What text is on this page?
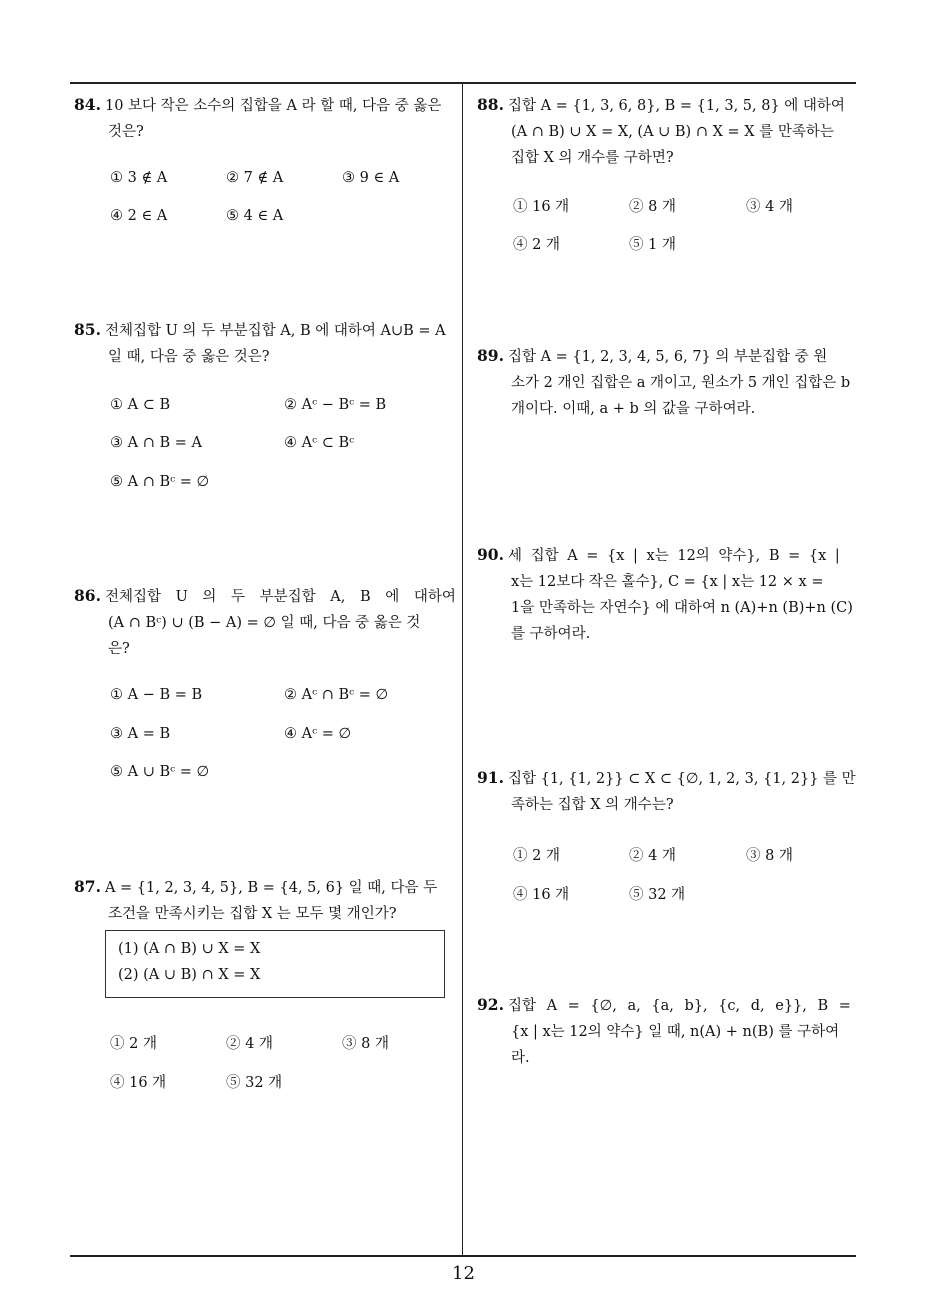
84. 10 보다 작은 소수의 집합을 A 라 할 때, 다음 중 옳은
것은?
① 3 ∉ A	② 7 ∉ A	③ 9 ∈ A
④ 2 ∈ A	⑤ 4 ∈ A
85. 전체집합 U 의 두 부분집합 A, B 에 대하여 A∪B = A
일 때, 다음 중 옳은 것은?
① A ⊂ B	② Aᶜ − Bᶜ = B
③ A ∩ B = A	④ Aᶜ ⊂ Bᶜ
⑤ A ∩ Bᶜ = ∅
86. 전체집합 U 의 두 부분집합 A, B 에 대하여
(A ∩ Bᶜ) ∪ (B − A) = ∅ 일 때, 다음 중 옳은 것
은?
① A − B = B	② Aᶜ ∩ Bᶜ = ∅
③ A = B	④ Aᶜ = ∅
⑤ A ∪ Bᶜ = ∅
87. A = {1, 2, 3, 4, 5}, B = {4, 5, 6} 일 때, 다음 두
조건을 만족시키는 집합 X 는 모두 몇 개인가?
(1) (A ∩ B) ∪ X = X
(2) (A ∪ B) ∩ X = X
① 2 개	② 4 개	③ 8 개
④ 16 개	⑤ 32 개
88. 집합 A = {1, 3, 6, 8}, B = {1, 3, 5, 8} 에 대하여
(A ∩ B) ∪ X = X, (A ∪ B) ∩ X = X 를 만족하는
집합 X 의 개수를 구하면?
① 16 개	② 8 개	③ 4 개
④ 2 개	⑤ 1 개
89. 집합 A = {1, 2, 3, 4, 5, 6, 7} 의 부분집합 중 원
소가 2 개인 집합은 a 개이고, 원소가 5 개인 집합은 b
개이다. 이때, a + b 의 값을 구하여라.
90. 세 집합 A = {x | x는 12의 약수}, B = {x |
x는 12보다 작은 홀수}, C = {x | x는 12 × x =
1을 만족하는 자연수} 에 대하여 n (A)+n (B)+n (C)
를 구하여라.
91. 집합 {1, {1, 2}} ⊂ X ⊂ {∅, 1, 2, 3, {1, 2}} 를 만
족하는 집합 X 의 개수는?
① 2 개	② 4 개	③ 8 개
④ 16 개	⑤ 32 개
92. 집합 A = {∅, a, {a, b}, {c, d, e}}, B =
{x | x는 12의 약수} 일 때, n(A) + n(B) 를 구하여
라.
12
